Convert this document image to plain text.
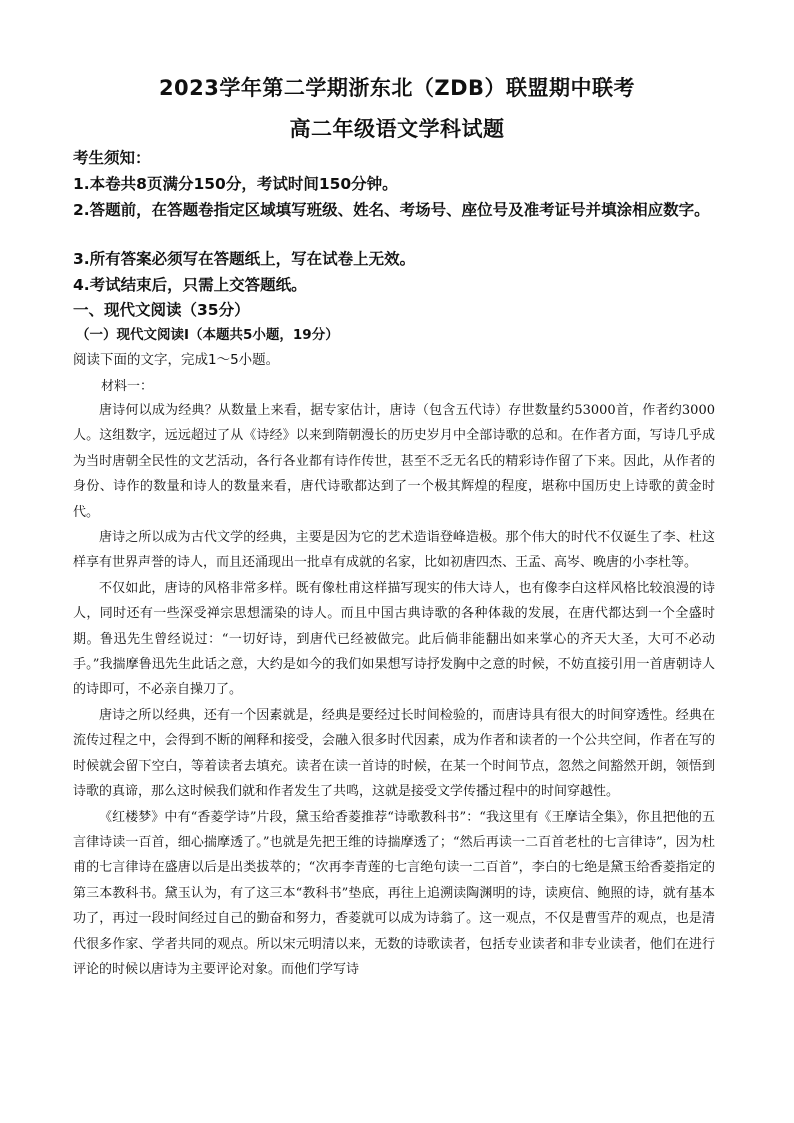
2023学年第二学期浙东北（ZDB）联盟期中联考
高二年级语文学科试题
考生须知：
1.本卷共8页满分150分，考试时间150分钟。
2.答题前，在答题卷指定区域填写班级、姓名、考场号、座位号及准考证号并填涂相应数字。
3.所有答案必须写在答题纸上，写在试卷上无效。
4.考试结束后，只需上交答题纸。
一、现代文阅读（35分）
（一）现代文阅读Ⅰ（本题共5小题，19分）
阅读下面的文字，完成1～5小题。
材料一：

唐诗何以成为经典？从数量上来看，据专家估计，唐诗（包含五代诗）存世数量约53000首，作者约3000人。这组数字，远远超过了从《诗经》以来到隋朝漫长的历史岁月中全部诗歌的总和。在作者方面，写诗几乎成为当时唐朝全民性的文艺活动，各行各业都有诗作传世，甚至不乏无名氏的精彩诗作留了下来。因此，从作者的身份、诗作的数量和诗人的数量来看，唐代诗歌都达到了一个极其辉煌的程度，堪称中国历史上诗歌的黄金时代。

唐诗之所以成为古代文学的经典，主要是因为它的艺术造诣登峰造极。那个伟大的时代不仅诞生了李、杜这样享有世界声誉的诗人，而且还涌现出一批卓有成就的名家，比如初唐四杰、王孟、高岑、晚唐的小李杜等。

不仅如此，唐诗的风格非常多样。既有像杜甫这样描写现实的伟大诗人，也有像李白这样风格比较浪漫的诗人，同时还有一些深受禅宗思想濡染的诗人。而且中国古典诗歌的各种体裁的发展，在唐代都达到一个全盛时期。鲁迅先生曾经说过：“一切好诗，到唐代已经被做完。此后倘非能翻出如来掌心的齐天大圣，大可不必动手。”我揣摩鲁迅先生此话之意，大约是如今的我们如果想写诗抒发胸中之意的时候，不妨直接引用一首唐朝诗人的诗即可，不必亲自操刀了。

唐诗之所以经典，还有一个因素就是，经典是要经过长时间检验的，而唐诗具有很大的时间穿透性。经典在流传过程之中，会得到不断的阐释和接受，会融入很多时代因素，成为作者和读者的一个公共空间，作者在写的时候就会留下空白，等着读者去填充。读者在读一首诗的时候，在某一个时间节点，忽然之间豁然开朗，领悟到诗歌的真谛，那么这时候我们就和作者发生了共鸣，这就是接受文学传播过程中的时间穿越性。

《红楼梦》中有“香菱学诗”片段，黛玉给香菱推荐“诗歌教科书”：“我这里有《王摩诘全集》，你且把他的五言律诗读一百首，细心揣摩透了。”也就是先把王维的诗揣摩透了；“然后再读一二百首老杜的七言律诗”，因为杜甫的七言律诗在盛唐以后是出类拔萃的；“次再李青莲的七言绝句读一二百首”，李白的七绝是黛玉给香菱指定的第三本教科书。黛玉认为，有了这三本“教科书”垫底，再往上追溯读陶渊明的诗，读庾信、鲍照的诗，就有基本功了，再过一段时间经过自己的勤奋和努力，香菱就可以成为诗翁了。这一观点，不仅是曹雪芹的观点，也是清代很多作家、学者共同的观点。所以宋元明清以来，无数的诗歌读者，包括专业读者和非专业读者，他们在进行评论的时候以唐诗为主要评论对象。而他们学写诗
